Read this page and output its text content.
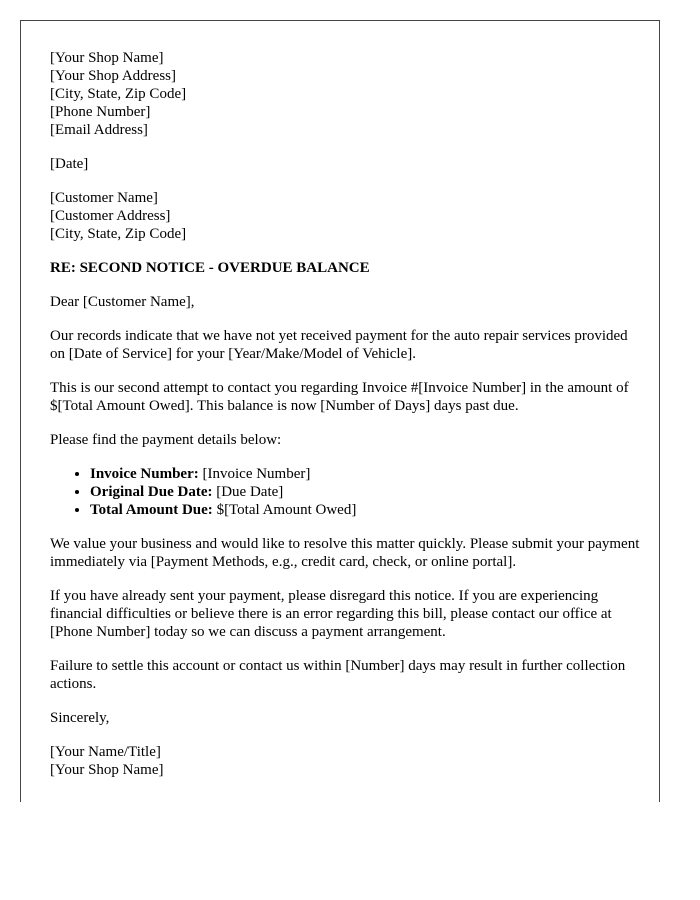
[Your Shop Name]
[Your Shop Address]
[City, State, Zip Code]
[Phone Number]
[Email Address]
[Date]
[Customer Name]
[Customer Address]
[City, State, Zip Code]
RE: SECOND NOTICE - OVERDUE BALANCE

Dear [Customer Name],

Our records indicate that we have not yet received payment for the auto repair services provided on [Date of Service] for your [Year/Make/Model of Vehicle].

This is our second attempt to contact you regarding Invoice #[Invoice Number] in the amount of $[Total Amount Owed]. This balance is now [Number of Days] days past due.

Please find the payment details below:

• Invoice Number: [Invoice Number]
• Original Due Date: [Due Date]
• Total Amount Due: $[Total Amount Owed]

We value your business and would like to resolve this matter quickly. Please submit your payment immediately via [Payment Methods, e.g., credit card, check, or online portal].

If you have already sent your payment, please disregard this notice. If you are experiencing financial difficulties or believe there is an error regarding this bill, please contact our office at [Phone Number] today so we can discuss a payment arrangement.

Failure to settle this account or contact us within [Number] days may result in further collection actions.

Sincerely,

[Your Name/Title]
[Your Shop Name]
